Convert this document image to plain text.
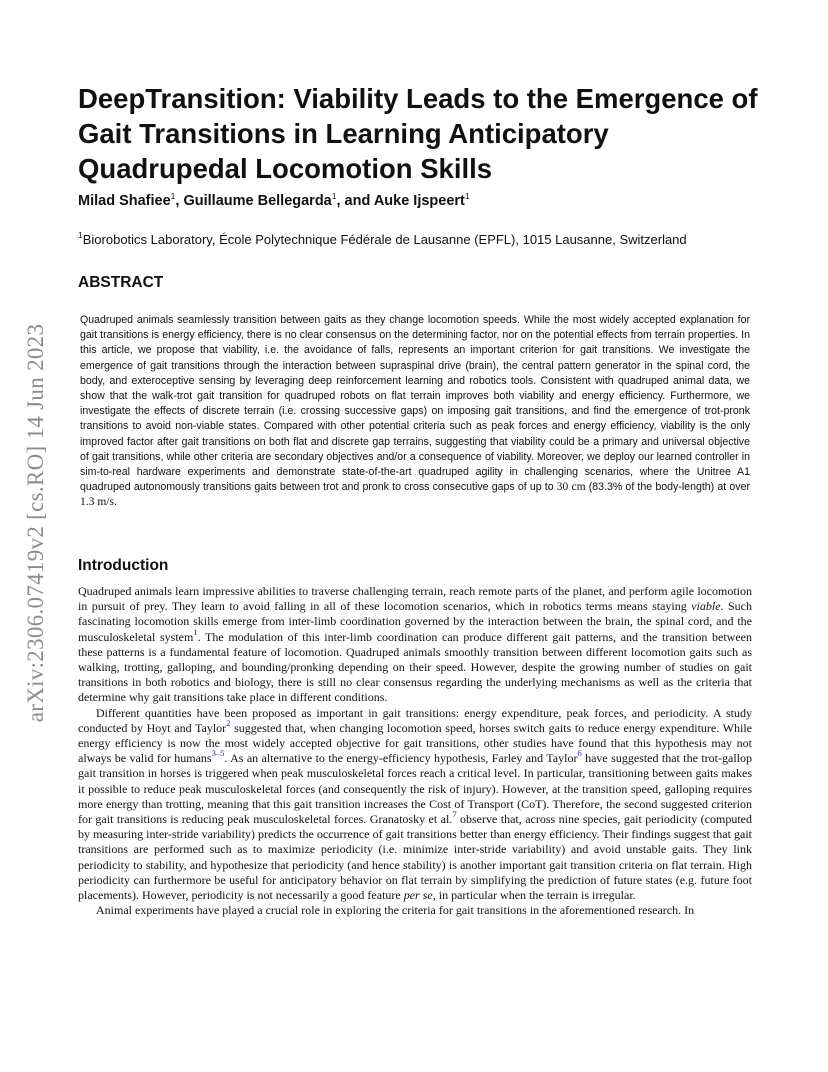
arXiv:2306.07419v2 [cs.RO] 14 Jun 2023
DeepTransition: Viability Leads to the Emergence of Gait Transitions in Learning Anticipatory Quadrupedal Locomotion Skills
Milad Shafiee$^1$, Guillaume Bellegarda$^1$, and Auke Ijspeert$^1$
$^1$Biorobotics Laboratory, École Polytechnique Fédérale de Lausanne (EPFL), 1015 Lausanne, Switzerland
ABSTRACT

Quadruped animals seamlessly transition between gaits as they change locomotion speeds. While the most widely accepted explanation for gait transitions is energy efficiency, there is no clear consensus on the determining factor, nor on the potential effects from terrain properties. In this article, we propose that viability, i.e. the avoidance of falls, represents an important criterion for gait transitions. We investigate the emergence of gait transitions through the interaction between supraspinal drive (brain), the central pattern generator in the spinal cord, the body, and exteroceptive sensing by leveraging deep reinforcement learning and robotics tools. Consistent with quadruped animal data, we show that the walk-trot gait transition for quadruped robots on flat terrain improves both viability and energy efficiency. Furthermore, we investigate the effects of discrete terrain (i.e. crossing successive gaps) on imposing gait transitions, and find the emergence of trot-pronk transitions to avoid non-viable states. Compared with other potential criteria such as peak forces and energy efficiency, viability is the only improved factor after gait transitions on both flat and discrete gap terrains, suggesting that viability could be a primary and universal objective of gait transitions, while other criteria are secondary objectives and/or a consequence of viability. Moreover, we deploy our learned controller in sim-to-real hardware experiments and demonstrate state-of-the-art quadruped agility in challenging scenarios, where the Unitree A1 quadruped autonomously transitions gaits between trot and pronk to cross consecutive gaps of up to 30 cm (83.3% of the body-length) at over 1.3 m/s.

Introduction

Quadruped animals learn impressive abilities to traverse challenging terrain, reach remote parts of the planet, and perform agile locomotion in pursuit of prey. They learn to avoid falling in all of these locomotion scenarios, which in robotics terms means staying viable. Such fascinating locomotion skills emerge from inter-limb coordination governed by the interaction between the brain, the spinal cord, and the musculoskeletal system$^1$. The modulation of this inter-limb coordination can produce different gait patterns, and the transition between these patterns is a fundamental feature of locomotion. Quadruped animals smoothly transition between different locomotion gaits such as walking, trotting, galloping, and bounding/pronking depending on their speed. However, despite the growing number of studies on gait transitions in both robotics and biology, there is still no clear consensus regarding the underlying mechanisms as well as the criteria that determine why gait transitions take place in different conditions.

Different quantities have been proposed as important in gait transitions: energy expenditure, peak forces, and periodicity. A study conducted by Hoyt and Taylor$^2$ suggested that, when changing locomotion speed, horses switch gaits to reduce energy expenditure. While energy efficiency is now the most widely accepted objective for gait transitions, other studies have found that this hypothesis may not always be valid for humans$^{3-5}$. As an alternative to the energy-efficiency hypothesis, Farley and Taylor$^6$ have suggested that the trot-gallop gait transition in horses is triggered when peak musculoskeletal forces reach a critical level. In particular, transitioning between gaits makes it possible to reduce peak musculoskeletal forces (and consequently the risk of injury). However, at the transition speed, galloping requires more energy than trotting, meaning that this gait transition increases the Cost of Transport (CoT). Therefore, the second suggested criterion for gait transitions is reducing peak musculoskeletal forces. Granatosky et al.$^7$ observe that, across nine species, gait periodicity (computed by measuring inter-stride variability) predicts the occurrence of gait transitions better than energy efficiency. Their findings suggest that gait transitions are performed such as to maximize periodicity (i.e. minimize inter-stride variability) and avoid unstable gaits. They link periodicity to stability, and hypothesize that periodicity (and hence stability) is another important gait transition criteria on flat terrain. High periodicity can furthermore be useful for anticipatory behavior on flat terrain by simplifying the prediction of future states (e.g. future foot placements). However, periodicity is not necessarily a good feature per se, in particular when the terrain is irregular.

Animal experiments have played a crucial role in exploring the criteria for gait transitions in the aforementioned research. In
